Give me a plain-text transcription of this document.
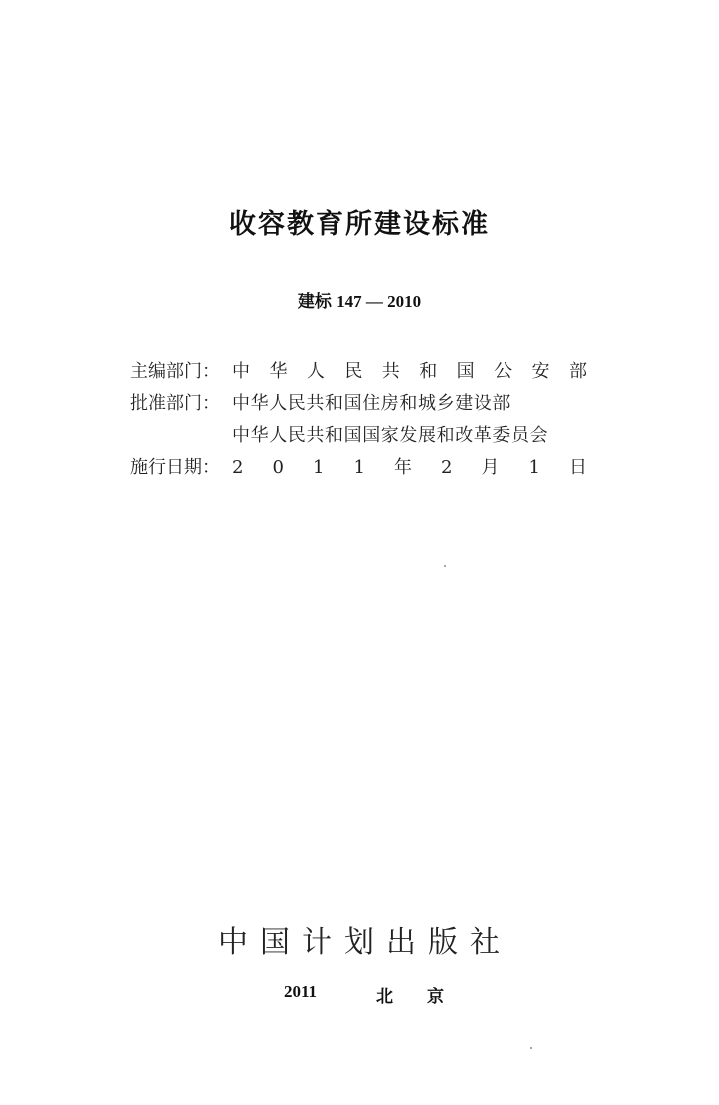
收容教育所建设标准
建标 147 — 2010
主编部门： 中 华 人 民 共 和 国 公 安 部
批准部门： 中华人民共和国住房和城乡建设部
中华人民共和国国家发展和改革委员会
施行日期： 2 0 1 1 年 2 月 1 日
中 国 计 划 出 版 社
2011	北 京
